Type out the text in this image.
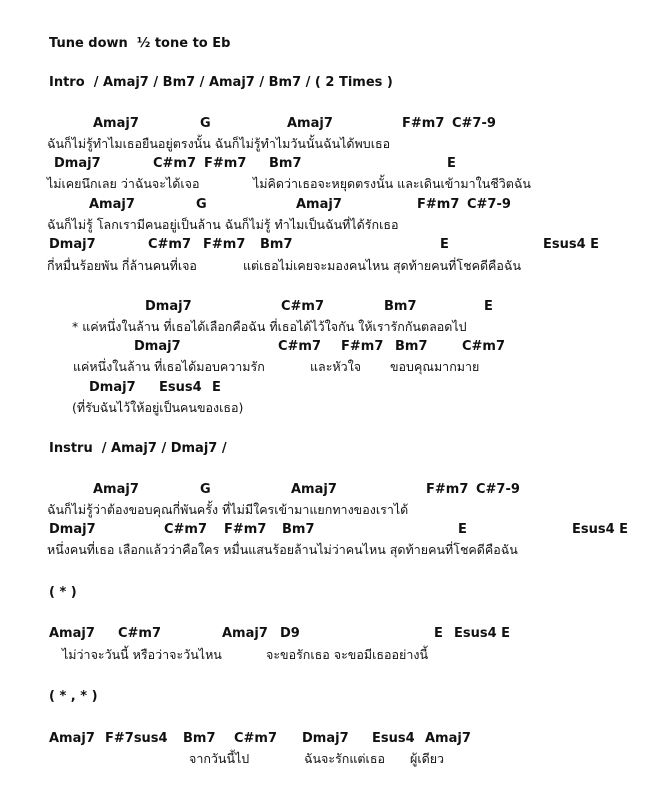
Tune down  ½ tone to Eb
Intro  / Amaj7 / Bm7 / Amaj7 / Bm7 / ( 2 Times )
Amaj7	G	Amaj7	F#m7 C#7-9
ฉันก็ไม่รู้ทำไมเธอยืนอยู่ตรงนั้น ฉันก็ไม่รู้ทำไมวันนั้นฉันได้พบเธอ
Dmaj7	C#m7 F#m7 Bm7	E
ไม่เคยนึกเลย ว่าฉันจะได้เจอ	ไม่คิดว่าเธอจะหยุดตรงนั้น และเดินเข้ามาในชีวิตฉัน
Amaj7	G	Amaj7	F#m7 C#7-9
ฉันก็ไม่รู้ โลกเรามีคนอยู่เป็นล้าน ฉันก็ไม่รู้ ทำไมเป็นฉันที่ได้รักเธอ
Dmaj7	C#m7 F#m7 Bm7	E	Esus4 E
กี่หมื่นร้อยพัน กี่ล้านคนที่เจอ	แต่เธอไม่เคยจะมองคนไหน สุดท้ายคนที่โชคดีคือฉัน
Dmaj7	C#m7	Bm7	E
* แค่หนึ่งในล้าน ที่เธอได้เลือกคือฉัน ที่เธอได้ไว้ใจกัน ให้เรารักกันตลอดไป
Dmaj7	C#m7 F#m7 Bm7	C#m7
แค่หนึ่งในล้าน ที่เธอได้มอบความรัก	และหัวใจ ขอบคุณมากมาย
Dmaj7 Esus4 E
(ที่รับฉันไว้ให้อยู่เป็นคนของเธอ)
Instru  / Amaj7 / Dmaj7 /
Amaj7	G	Amaj7	F#m7 C#7-9
ฉันก็ไม่รู้ว่าต้องขอบคุณกี่พันครั้ง ที่ไม่มีใครเข้ามาแยกทางของเราได้
Dmaj7	C#m7 F#m7 Bm7	E	Esus4 E
หนึ่งคนที่เธอ เลือกแล้วว่าคือใคร หมื่นแสนร้อยล้านไม่ว่าคนไหน สุดท้ายคนที่โชคดีคือฉัน
( * )
Amaj7 C#m7	Amaj7 D9	E Esus4 E
ไม่ว่าจะวันนี้ หรือว่าจะวันไหน	จะขอรักเธอ จะขอมีเธออย่างนี้
( * , * )
Amaj7 F#7sus4 Bm7 C#m7 Dmaj7 Esus4 Amaj7
จากวันนี้ไป	ฉันจะรักแต่เธอ ผู้เดียว
